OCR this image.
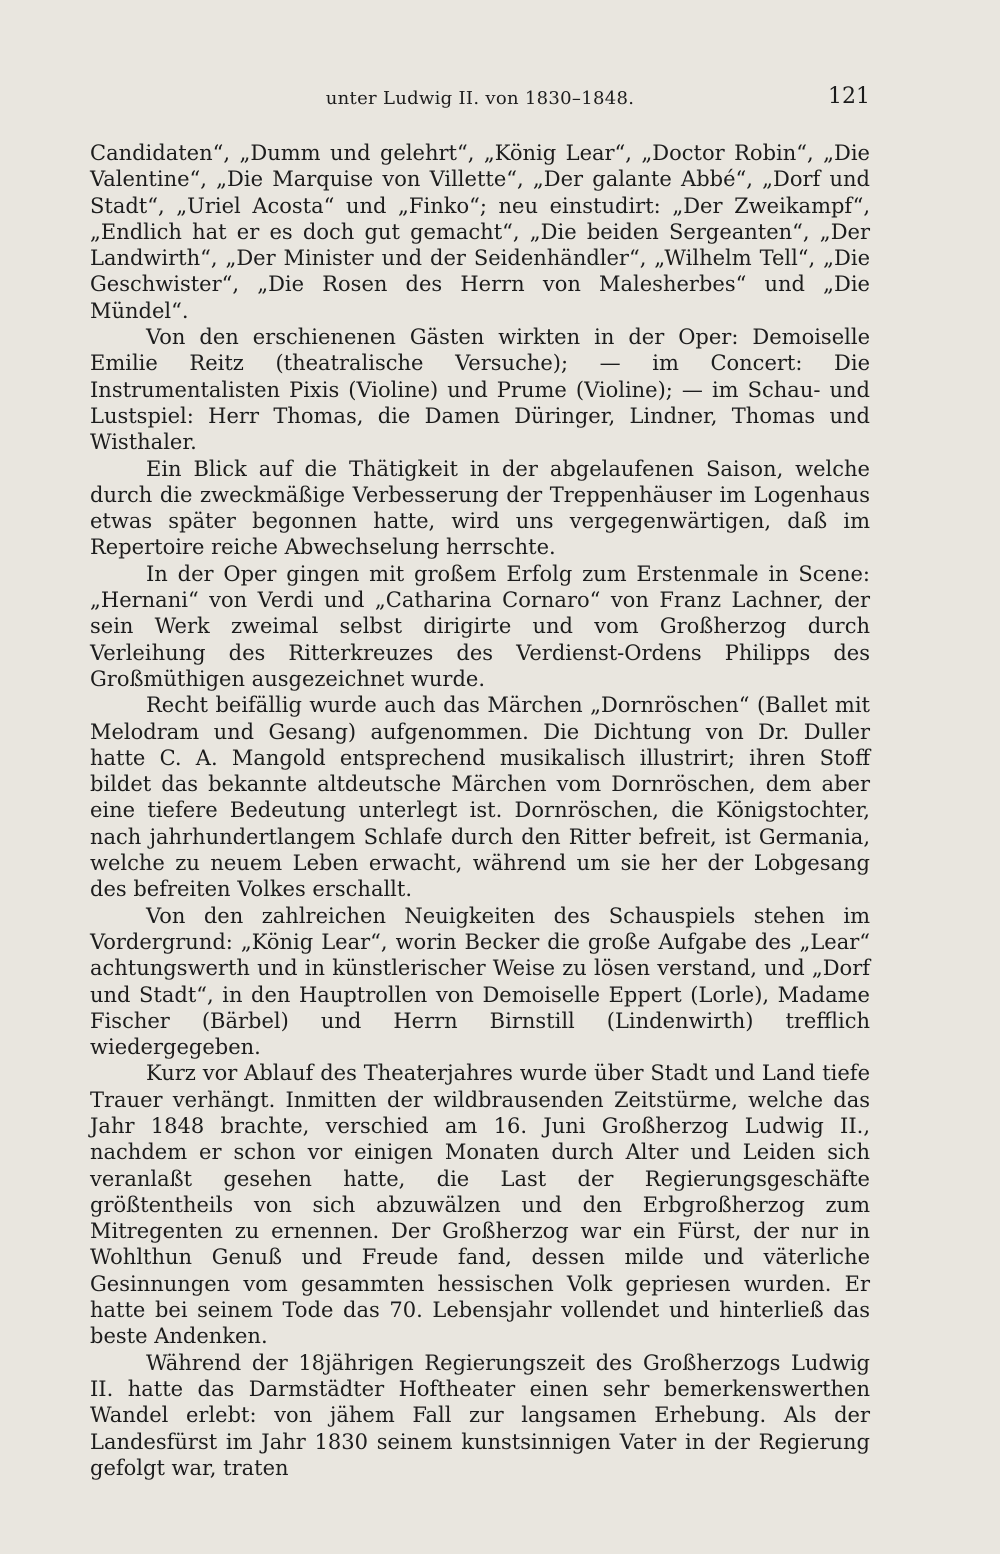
unter Ludwig II. von 1830–1848.	121

Candidaten“, „Dumm und gelehrt“, „König Lear“, „Doctor Robin“, „Die Valentine“, „Die Marquise von Villette“, „Der galante Abbé“, „Dorf und Stadt“, „Uriel Acosta“ und „Finko“; neu einstudirt: „Der Zweikampf“, „Endlich hat er es doch gut gemacht“, „Die beiden Sergeanten“, „Der Landwirth“, „Der Minister und der Seidenhändler“, „Wilhelm Tell“, „Die Geschwister“, „Die Rosen des Herrn von Malesherbes“ und „Die Mündel“.

Von den erschienenen Gästen wirkten in der Oper: Demoiselle Emilie Reitz (theatralische Versuche); — im Concert: Die Instrumentalisten Pixis (Violine) und Prume (Violine); — im Schau- und Lustspiel: Herr Thomas, die Damen Düringer, Lindner, Thomas und Wisthaler.

Ein Blick auf die Thätigkeit in der abgelaufenen Saison, welche durch die zweckmäßige Verbesserung der Treppenhäuser im Logenhaus etwas später begonnen hatte, wird uns vergegenwärtigen, daß im Repertoire reiche Abwechselung herrschte.

In der Oper gingen mit großem Erfolg zum Erstenmale in Scene: „Hernani“ von Verdi und „Catharina Cornaro“ von Franz Lachner, der sein Werk zweimal selbst dirigirte und vom Großherzog durch Verleihung des Ritterkreuzes des Verdienst-Ordens Philipps des Großmüthigen ausgezeichnet wurde.

Recht beifällig wurde auch das Märchen „Dornröschen“ (Ballet mit Melodram und Gesang) aufgenommen. Die Dichtung von Dr. Duller hatte C. A. Mangold entsprechend musikalisch illustrirt; ihren Stoff bildet das bekannte altdeutsche Märchen vom Dornröschen, dem aber eine tiefere Bedeutung unterlegt ist. Dornröschen, die Königstochter, nach jahrhundertlangem Schlafe durch den Ritter befreit, ist Germania, welche zu neuem Leben erwacht, während um sie her der Lobgesang des befreiten Volkes erschallt.

Von den zahlreichen Neuigkeiten des Schauspiels stehen im Vordergrund: „König Lear“, worin Becker die große Aufgabe des „Lear“ achtungswerth und in künstlerischer Weise zu lösen verstand, und „Dorf und Stadt“, in den Hauptrollen von Demoiselle Eppert (Lorle), Madame Fischer (Bärbel) und Herrn Birnstill (Lindenwirth) trefflich wiedergegeben.

Kurz vor Ablauf des Theaterjahres wurde über Stadt und Land tiefe Trauer verhängt. Inmitten der wildbrausenden Zeitstürme, welche das Jahr 1848 brachte, verschied am 16. Juni Großherzog Ludwig II., nachdem er schon vor einigen Monaten durch Alter und Leiden sich veranlaßt gesehen hatte, die Last der Regierungsgeschäfte größtentheils von sich abzuwälzen und den Erbgroßherzog zum Mitregenten zu ernennen. Der Großherzog war ein Fürst, der nur in Wohlthun Genuß und Freude fand, dessen milde und väterliche Gesinnungen vom gesammten hessischen Volk gepriesen wurden. Er hatte bei seinem Tode das 70. Lebensjahr vollendet und hinterließ das beste Andenken.

Während der 18jährigen Regierungszeit des Großherzogs Ludwig II. hatte das Darmstädter Hoftheater einen sehr bemerkenswerthen Wandel erlebt: von jähem Fall zur langsamen Erhebung. Als der Landesfürst im Jahr 1830 seinem kunstsinnigen Vater in der Regierung gefolgt war, traten
